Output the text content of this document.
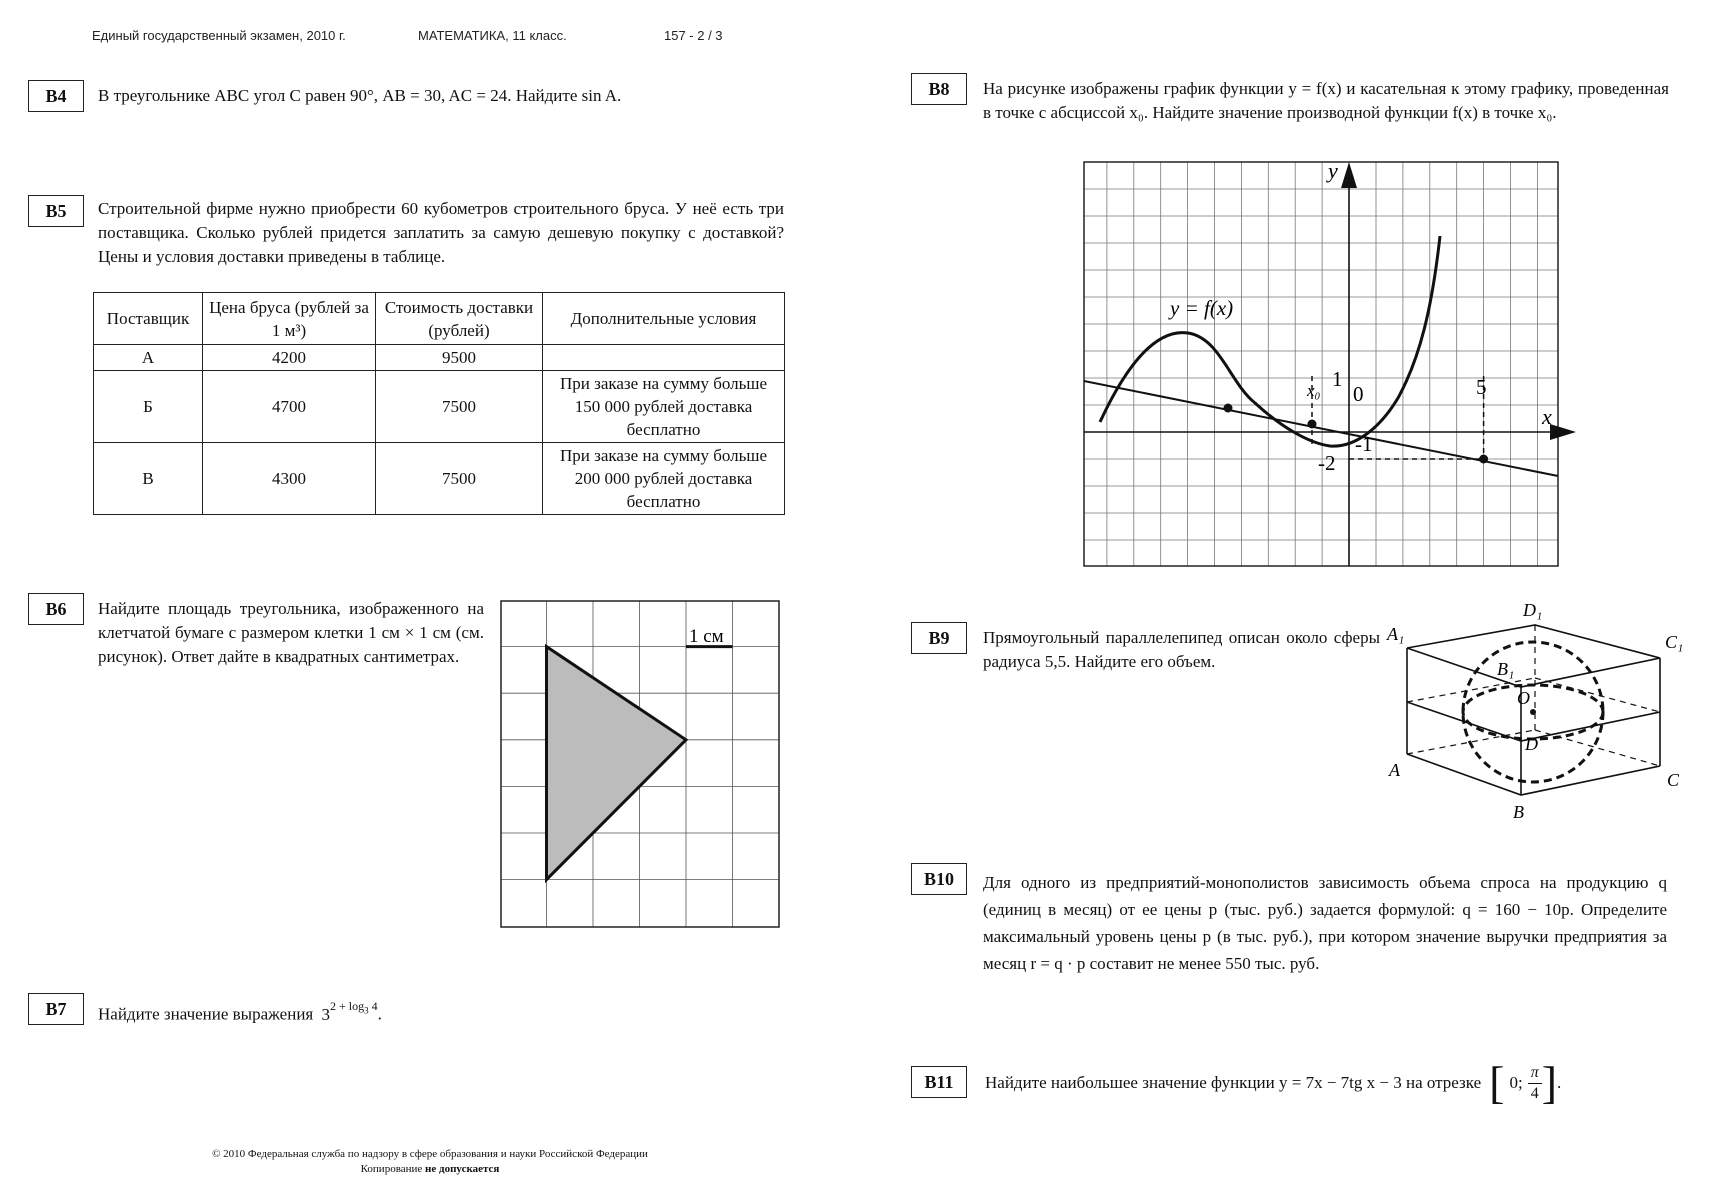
Единый государственный экзамен, 2010 г.	МАТЕМАТИКА, 11 класс.	157 - 2 / 3
B4	В треугольнике ABC угол C равен 90°, AB = 30, AC = 24. Найдите sin A.
B5	Строительной фирме нужно приобрести 60 кубометров строительного бруса. У неё есть три поставщика. Сколько рублей придется заплатить за самую дешевую покупку с доставкой? Цены и условия доставки приведены в таблице.
Поставщик	Цена бруса (рублей за 1 м³)	Стоимость доставки (рублей)	Дополнительные условия
А	4200	9500	
Б	4700	7500	При заказе на сумму больше 150 000 рублей доставка бесплатно
В	4300	7500	При заказе на сумму больше 200 000 рублей доставка бесплатно
B6	Найдите площадь треугольника, изображенного на клетчатой бумаге с размером клетки 1 см × 1 см (см. рисунок). Ответ дайте в квадратных сантиметрах.
1 см
B7	Найдите значение выражения $3^{2 + log_3 4}$.
B8	На рисунке изображены график функции y = f(x) и касательная к этому графику, проведенная в точке с абсциссой x₀. Найдите значение производной функции f(x) в точке x₀.
y = f(x)
y
x
x₀ 1
0	5
-1
-2
B9	Прямоугольный параллелепипед описан около сферы радиуса 5,5. Найдите его объем.
A₁
D₁
C₁
B₁
O
D
A
B
C
B10	Для одного из предприятий-монополистов зависимость объема спроса на продукцию q (единиц в месяц) от ее цены p (тыс. руб.) задается формулой: q = 160 − 10p. Определите максимальный уровень цены p (в тыс. руб.), при котором значение выручки предприятия за месяц r = q · p составит не менее 550 тыс. руб.
B11	Найдите наибольшее значение функции y = 7x − 7tg x − 3 на отрезке [ 0;
π
4 ] .
© 2010 Федеральная служба по надзору в сфере образования и науки Российской Федерации
Копирование не допускается
